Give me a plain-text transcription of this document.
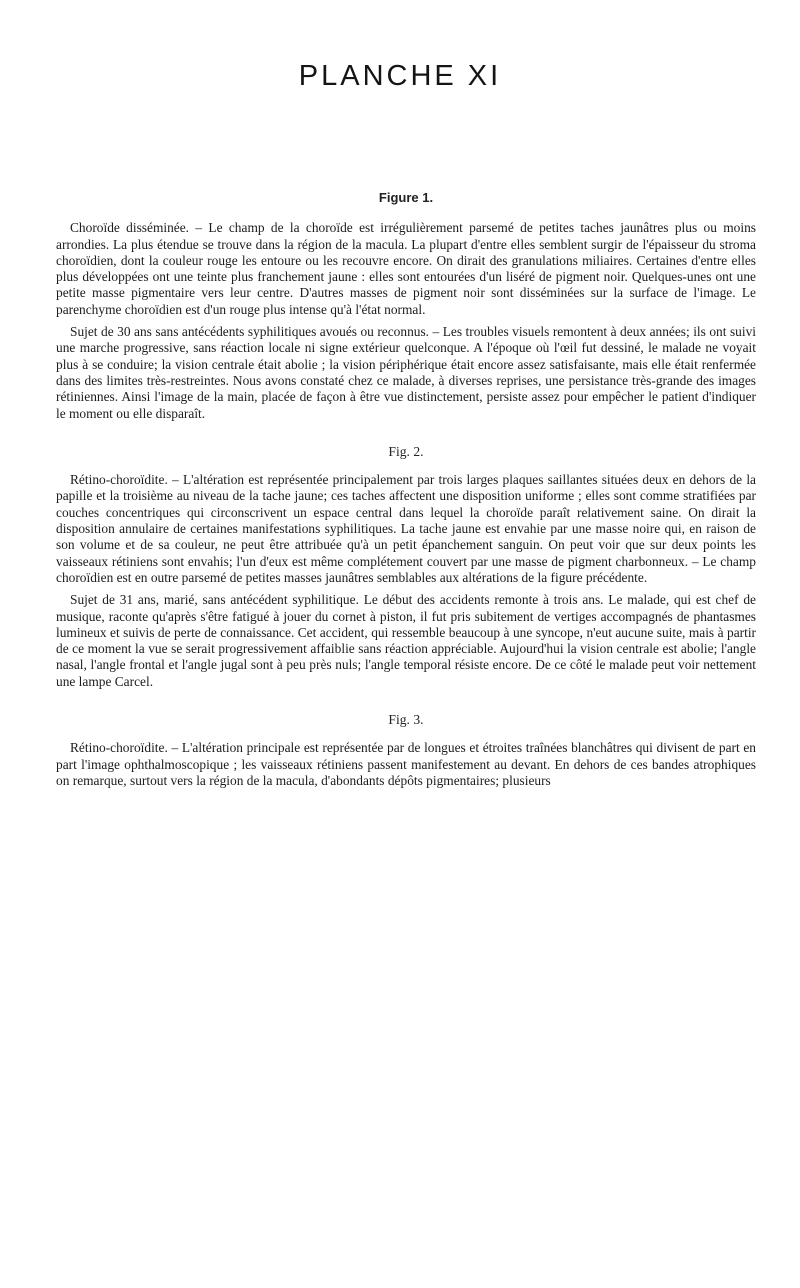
PLANCHE XI
Figure 1.

Choroïde disséminée. – Le champ de la choroïde est irrégulièrement parsemé de petites taches jaunâtres plus ou moins arrondies. La plus étendue se trouve dans la région de la macula. La plupart d'entre elles semblent surgir de l'épaisseur du stroma choroïdien, dont la couleur rouge les entoure ou les recouvre encore. On dirait des granulations miliaires. Certaines d'entre elles plus développées ont une teinte plus franchement jaune : elles sont entourées d'un liséré de pigment noir. Quelques-unes ont une petite masse pigmentaire vers leur centre. D'autres masses de pigment noir sont disséminées sur la surface de l'image. Le parenchyme choroïdien est d'un rouge plus intense qu'à l'état normal.

Sujet de 30 ans sans antécédents syphilitiques avoués ou reconnus. – Les troubles visuels remontent à deux années; ils ont suivi une marche progressive, sans réaction locale ni signe extérieur quelconque. A l'époque où l'œil fut dessiné, le malade ne voyait plus à se conduire; la vision centrale était abolie ; la vision périphérique était encore assez satisfaisante, mais elle était renfermée dans des limites très-restreintes. Nous avons constaté chez ce malade, à diverses reprises, une persistance très-grande des images rétiniennes. Ainsi l'image de la main, placée de façon à être vue distinctement, persiste assez pour empêcher le patient d'indiquer le moment ou elle disparaît.

Fig. 2.

Rétino-choroïdite. – L'altération est représentée principalement par trois larges plaques saillantes situées deux en dehors de la papille et la troisième au niveau de la tache jaune; ces taches affectent une disposition uniforme ; elles sont comme stratifiées par couches concentriques qui circonscrivent un espace central dans lequel la choroïde paraît relativement saine. On dirait la disposition annulaire de certaines manifestations syphilitiques. La tache jaune est envahie par une masse noire qui, en raison de son volume et de sa couleur, ne peut être attribuée qu'à un petit épanchement sanguin. On peut voir que sur deux points les vaisseaux rétiniens sont envahis; l'un d'eux est même complétement couvert par une masse de pigment charbonneux. – Le champ choroïdien est en outre parsemé de petites masses jaunâtres semblables aux altérations de la figure précédente.

Sujet de 31 ans, marié, sans antécédent syphilitique. Le début des accidents remonte à trois ans. Le malade, qui est chef de musique, raconte qu'après s'être fatigué à jouer du cornet à piston, il fut pris subitement de vertiges accompagnés de phantasmes lumineux et suivis de perte de connaissance. Cet accident, qui ressemble beaucoup à une syncope, n'eut aucune suite, mais à partir de ce moment la vue se serait progressivement affaiblie sans réaction appréciable. Aujourd'hui la vision centrale est abolie; l'angle nasal, l'angle frontal et l'angle jugal sont à peu près nuls; l'angle temporal résiste encore. De ce côté le malade peut voir nettement une lampe Carcel.

Fig. 3.

Rétino-choroïdite. – L'altération principale est représentée par de longues et étroites traînées blanchâtres qui divisent de part en part l'image ophthalmoscopique ; les vaisseaux rétiniens passent manifestement au devant. En dehors de ces bandes atrophiques on remarque, surtout vers la région de la macula, d'abondants dépôts pigmentaires; plusieurs
